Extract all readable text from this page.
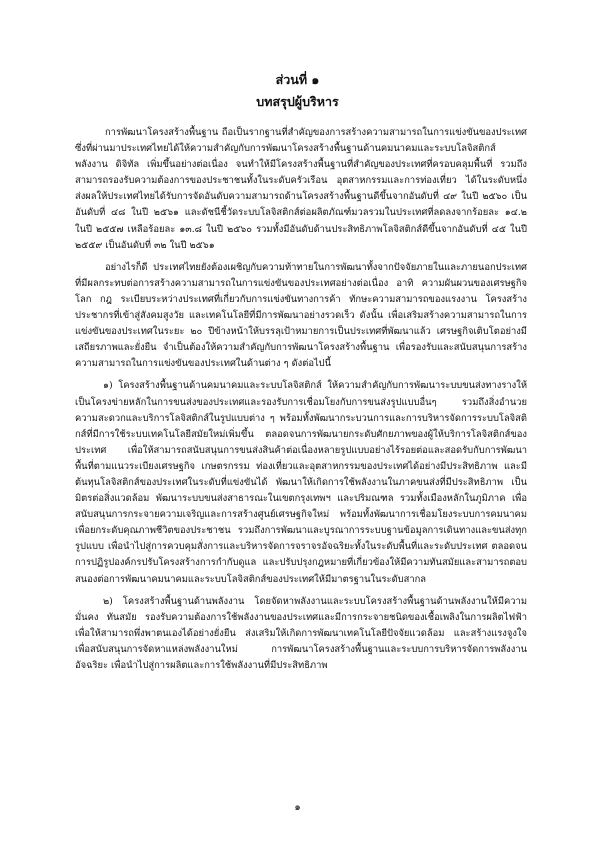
ส่วนที่ ๑
บทสรุปผู้บริหาร

การพัฒนาโครงสร้างพื้นฐาน ถือเป็นรากฐานที่สำคัญของการสร้างความสามารถในการแข่งขันของประเทศ ซึ่งที่ผ่านมาประเทศไทยได้ให้ความสำคัญกับการพัฒนาโครงสร้างพื้นฐานด้านคมนาคมและระบบโลจิสติกส์ พลังงาน ดิจิทัล เพิ่มขึ้นอย่างต่อเนื่อง จนทำให้มีโครงสร้างพื้นฐานที่สำคัญของประเทศที่ครอบคลุมพื้นที่ รวมถึงสามารถรองรับความต้องการของประชาชนทั้งในระดับครัวเรือน อุตสาหกรรมและการท่องเที่ยว ได้ในระดับหนึ่ง ส่งผลให้ประเทศไทยได้รับการจัดอันดับความสามารถด้านโครงสร้างพื้นฐานดีขึ้นจากอันดับที่ ๔๙ ในปี ๒๕๖๐ เป็นอันดับที่ ๔๘ ในปี ๒๕๖๑ และดัชนีชี้วัดระบบโลจิสติกส์ต่อผลิตภัณฑ์มวลรวมในประเทศที่ลดลงจากร้อยละ ๑๔.๒ ในปี ๒๕๕๗ เหลือร้อยละ ๑๓.๘ ในปี ๒๕๖๐ รวมทั้งมีอันดับด้านประสิทธิภาพโลจิสติกส์ดีขึ้นจากอันดับที่ ๔๕ ในปี ๒๕๕๙ เป็นอันดับที่ ๓๒ ในปี ๒๕๖๑

อย่างไรก็ดี ประเทศไทยยังต้องเผชิญกับความท้าทายในการพัฒนาทั้งจากปัจจัยภายในและภายนอกประเทศที่มีผลกระทบต่อการสร้างความสามารถในการแข่งขันของประเทศอย่างต่อเนื่อง อาทิ ความผันผวนของเศรษฐกิจโลก กฎ ระเบียบระหว่างประเทศที่เกี่ยวกับการแข่งขันทางการค้า ทักษะความสามารถของแรงงาน โครงสร้างประชากรที่เข้าสู่สังคมสูงวัย และเทคโนโลยีที่มีการพัฒนาอย่างรวดเร็ว ดังนั้น เพื่อเสริมสร้างความสามารถในการแข่งขันของประเทศในระยะ ๒๐ ปีข้างหน้าให้บรรลุเป้าหมายการเป็นประเทศที่พัฒนาแล้ว เศรษฐกิจเติบโตอย่างมีเสถียรภาพและยั่งยืน จำเป็นต้องให้ความสำคัญกับการพัฒนาโครงสร้างพื้นฐาน เพื่อรองรับและสนับสนุนการสร้างความสามารถในการแข่งขันของประเทศในด้านต่าง ๆ ดังต่อไปนี้

๑) โครงสร้างพื้นฐานด้านคมนาคมและระบบโลจิสติกส์ ให้ความสำคัญกับการพัฒนาระบบขนส่งทางรางให้เป็นโครงข่ายหลักในการขนส่งของประเทศและรองรับการเชื่อมโยงกับการขนส่งรูปแบบอื่นๆ รวมถึงสิ่งอำนวยความสะดวกและบริการโลจิสติกส์ในรูปแบบต่าง ๆ พร้อมทั้งพัฒนากระบวนการและการบริหารจัดการระบบโลจิสติกส์ที่มีการใช้ระบบเทคโนโลยีสมัยใหม่เพิ่มขึ้น ตลอดจนการพัฒนายกระดับศักยภาพของผู้ให้บริการโลจิสติกส์ของประเทศ เพื่อให้สามารถสนับสนุนการขนส่งสินค้าต่อเนื่องหลายรูปแบบอย่างไร้รอยต่อและสอดรับกับการพัฒนาพื้นที่ตามแนวระเบียงเศรษฐกิจ เกษตรกรรม ท่องเที่ยวและอุตสาหกรรมของประเทศได้อย่างมีประสิทธิภาพ และมีต้นทุนโลจิสติกส์ของประเทศในระดับที่แข่งขันได้ พัฒนาให้เกิดการใช้พลังงานในภาคขนส่งที่มีประสิทธิภาพ เป็นมิตรต่อสิ่งแวดล้อม พัฒนาระบบขนส่งสาธารณะในเขตกรุงเทพฯ และปริมณฑล รวมทั้งเมืองหลักในภูมิภาค เพื่อสนับสนุนการกระจายความเจริญและการสร้างศูนย์เศรษฐกิจใหม่ พร้อมทั้งพัฒนาการเชื่อมโยงระบบการคมนาคมเพื่อยกระดับคุณภาพชีวิตของประชาชน รวมถึงการพัฒนาและบูรณาการระบบฐานข้อมูลการเดินทางและขนส่งทุกรูปแบบ เพื่อนำไปสู่การควบคุมสั่งการและบริหารจัดการจราจรอัจฉริยะทั้งในระดับพื้นที่และระดับประเทศ ตลอดจนการปฏิรูปองค์กรปรับโครงสร้างการกำกับดูแล และปรับปรุงกฎหมายที่เกี่ยวข้องให้มีความทันสมัยและสามารถตอบสนองต่อการพัฒนาคมนาคมและระบบโลจิสติกส์ของประเทศให้มีมาตรฐานในระดับสากล

๒) โครงสร้างพื้นฐานด้านพลังงาน โดยจัดหาพลังงานและระบบโครงสร้างพื้นฐานด้านพลังงานให้มีความมั่นคง ทันสมัย รองรับความต้องการใช้พลังงานของประเทศและมีการกระจายชนิดของเชื้อเพลิงในการผลิตไฟฟ้า เพื่อให้สามารถพึ่งพาตนเองได้อย่างยั่งยืน ส่งเสริมให้เกิดการพัฒนาเทคโนโลยีปัจจัยแวดล้อม และสร้างแรงจูงใจ เพื่อสนับสนุนการจัดหาแหล่งพลังงานใหม่ การพัฒนาโครงสร้างพื้นฐานและระบบการบริหารจัดการพลังงานอัจฉริยะ เพื่อนำไปสู่การผลิตและการใช้พลังงานที่มีประสิทธิภาพ

๑
